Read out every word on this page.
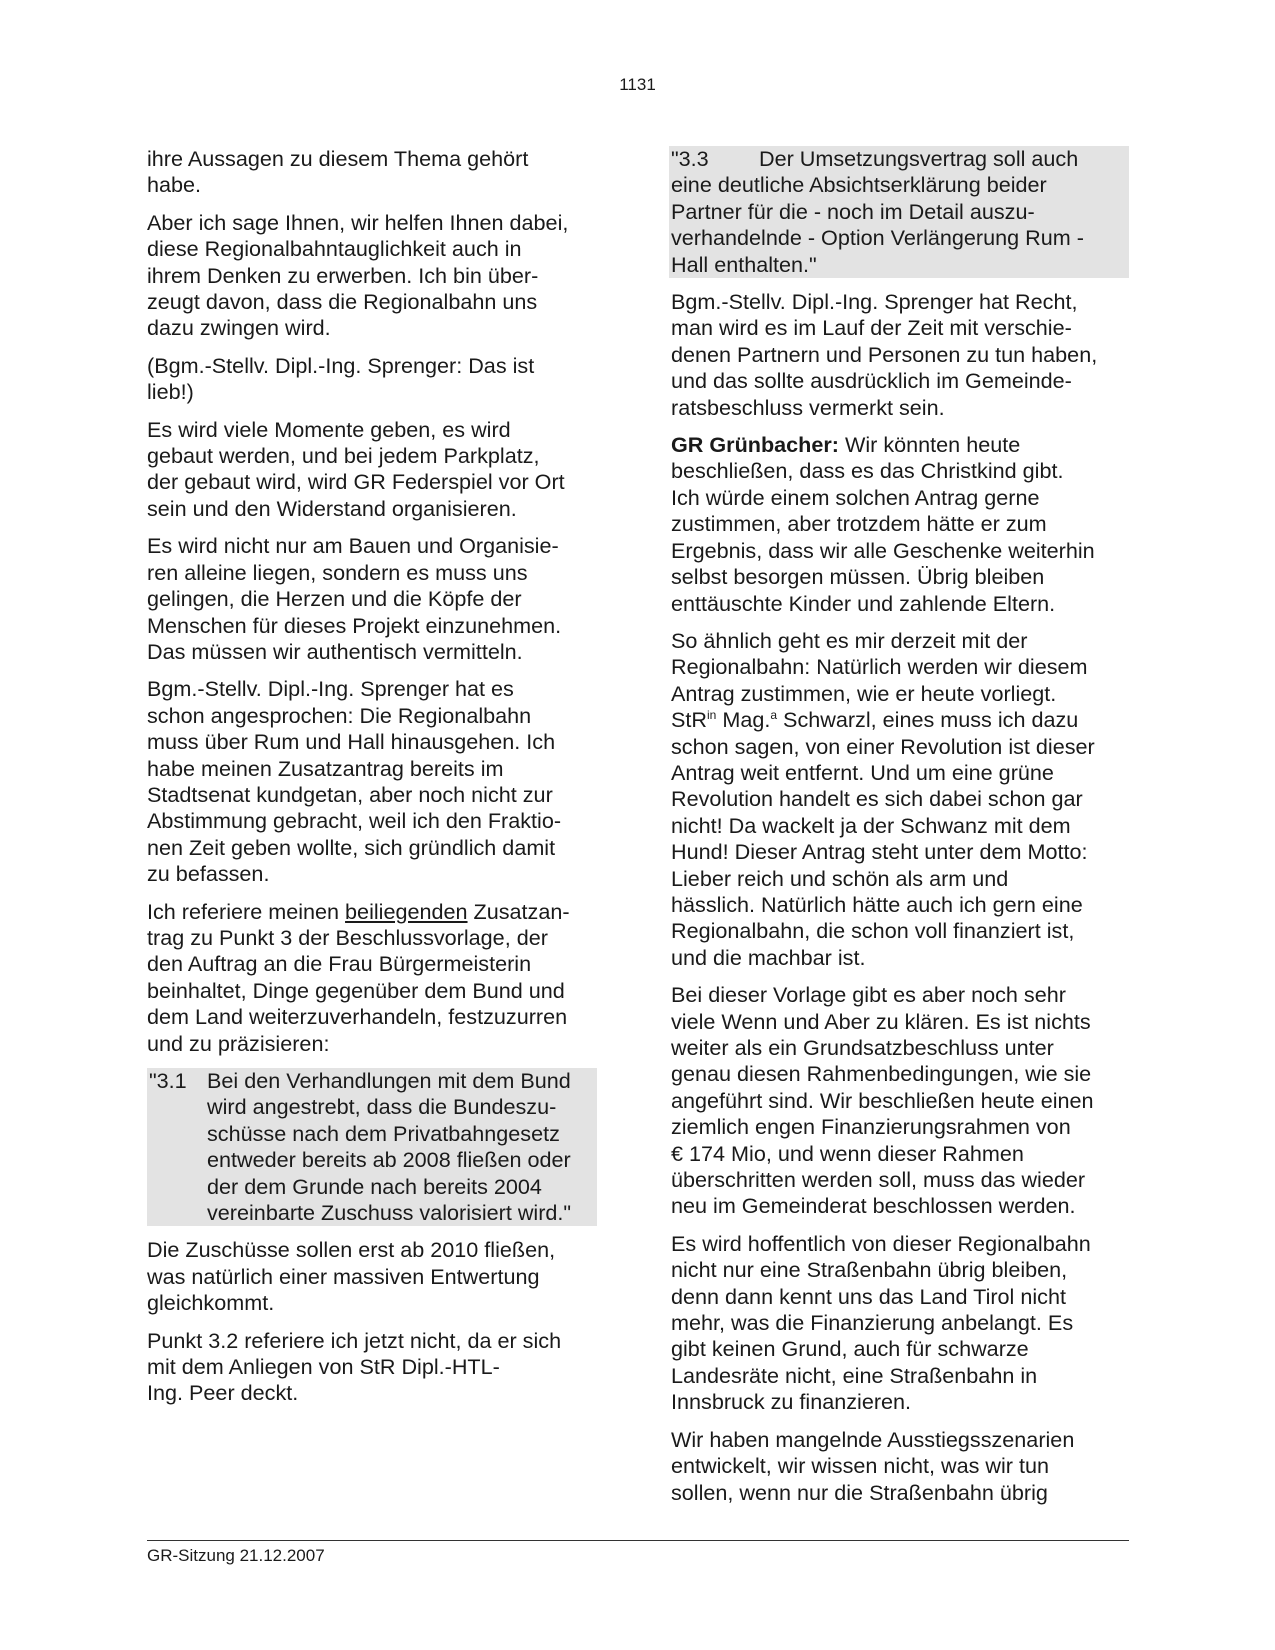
1131

ihre Aussagen zu diesem Thema gehört
habe.

Aber ich sage Ihnen, wir helfen Ihnen dabei,
diese Regionalbahntauglichkeit auch in
ihrem Denken zu erwerben. Ich bin über-
zeugt davon, dass die Regionalbahn uns
dazu zwingen wird.

(Bgm.-Stellv. Dipl.-Ing. Sprenger: Das ist
lieb!)

Es wird viele Momente geben, es wird
gebaut werden, und bei jedem Parkplatz,
der gebaut wird, wird GR Federspiel vor Ort
sein und den Widerstand organisieren.

Es wird nicht nur am Bauen und Organisie-
ren alleine liegen, sondern es muss uns
gelingen, die Herzen und die Köpfe der
Menschen für dieses Projekt einzunehmen.
Das müssen wir authentisch vermitteln.

Bgm.-Stellv. Dipl.-Ing. Sprenger hat es
schon angesprochen: Die Regionalbahn
muss über Rum und Hall hinausgehen. Ich
habe meinen Zusatzantrag bereits im
Stadtsenat kundgetan, aber noch nicht zur
Abstimmung gebracht, weil ich den Fraktio-
nen Zeit geben wollte, sich gründlich damit
zu befassen.

Ich referiere meinen beiliegenden Zusatzan-
trag zu Punkt 3 der Beschlussvorlage, der
den Auftrag an die Frau Bürgermeisterin
beinhaltet, Dinge gegenüber dem Bund und
dem Land weiterzuverhandeln, festzuzurren
und zu präzisieren:

"3.1 Bei den Verhandlungen mit dem Bund
wird angestrebt, dass die Bundeszu-
schüsse nach dem Privatbahngesetz
entweder bereits ab 2008 fließen oder
der dem Grunde nach bereits 2004
vereinbarte Zuschuss valorisiert wird."

Die Zuschüsse sollen erst ab 2010 fließen,
was natürlich einer massiven Entwertung
gleichkommt.

Punkt 3.2 referiere ich jetzt nicht, da er sich
mit dem Anliegen von StR Dipl.-HTL-
Ing. Peer deckt.

"3.3 Der Umsetzungsvertrag soll auch
eine deutliche Absichtserklärung beider
Partner für die - noch im Detail auszu-
verhandelnde - Option Verlängerung Rum -
Hall enthalten."

Bgm.-Stellv. Dipl.-Ing. Sprenger hat Recht,
man wird es im Lauf der Zeit mit verschie-
denen Partnern und Personen zu tun haben,
und das sollte ausdrücklich im Gemeinde-
ratsbeschluss vermerkt sein.

GR Grünbacher: Wir könnten heute
beschließen, dass es das Christkind gibt.
Ich würde einem solchen Antrag gerne
zustimmen, aber trotzdem hätte er zum
Ergebnis, dass wir alle Geschenke weiterhin
selbst besorgen müssen. Übrig bleiben
enttäuschte Kinder und zahlende Eltern.

So ähnlich geht es mir derzeit mit der
Regionalbahn: Natürlich werden wir diesem
Antrag zustimmen, wie er heute vorliegt.
StR$^{in}$ Mag.$^a$ Schwarzl, eines muss ich dazu
schon sagen, von einer Revolution ist dieser
Antrag weit entfernt. Und um eine grüne
Revolution handelt es sich dabei schon gar
nicht! Da wackelt ja der Schwanz mit dem
Hund! Dieser Antrag steht unter dem Motto:
Lieber reich und schön als arm und
hässlich. Natürlich hätte auch ich gern eine
Regionalbahn, die schon voll finanziert ist,
und die machbar ist.

Bei dieser Vorlage gibt es aber noch sehr
viele Wenn und Aber zu klären. Es ist nichts
weiter als ein Grundsatzbeschluss unter
genau diesen Rahmenbedingungen, wie sie
angeführt sind. Wir beschließen heute einen
ziemlich engen Finanzierungsrahmen von
€ 174 Mio, und wenn dieser Rahmen
überschritten werden soll, muss das wieder
neu im Gemeinderat beschlossen werden.

Es wird hoffentlich von dieser Regionalbahn
nicht nur eine Straßenbahn übrig bleiben,
denn dann kennt uns das Land Tirol nicht
mehr, was die Finanzierung anbelangt. Es
gibt keinen Grund, auch für schwarze
Landesräte nicht, eine Straßenbahn in
Innsbruck zu finanzieren.

Wir haben mangelnde Ausstiegsszenarien
entwickelt, wir wissen nicht, was wir tun
sollen, wenn nur die Straßenbahn übrig

GR-Sitzung 21.12.2007
